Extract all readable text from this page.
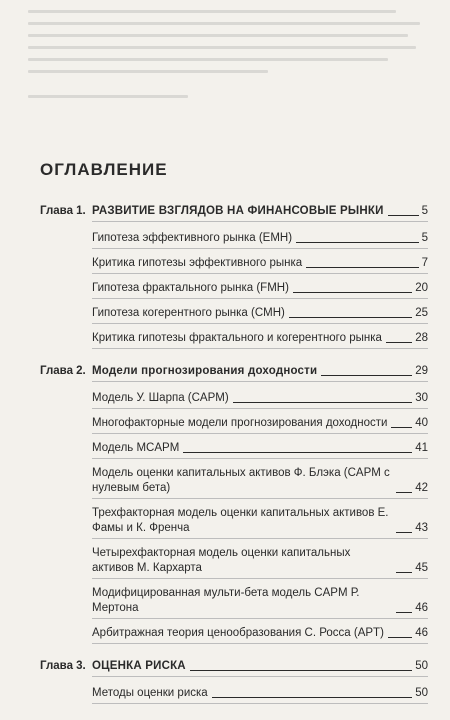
ОГЛАВЛЕНИЕ
Глава 1. РАЗВИТИЕ ВЗГЛЯДОВ НА ФИНАНСОВЫЕ РЫНКИ	5
Гипотеза эффективного рынка (EMH)	5
Критика гипотезы эффективного рынка	7
Гипотеза фрактального рынка (FMH)	20
Гипотеза когерентного рынка (CMH)	25
Критика гипотезы фрактального и когерентного рынка	28
Глава 2. Модели прогнозирования доходности	29
Модель У. Шарпа (CAPM)	30
Многофакторные модели прогнозирования доходности 40
Модель MCAPM	41
Модель оценки капитальных активов Ф. Блэка (CAPM с нулевым бета)	42
Трехфакторная модель оценки капитальных активов Е. Фамы и К. Френча	43
Четырехфакторная модель оценки капитальных активов М. Кархарта	45
Модифицированная мульти-бета модель CAPM Р. Мертона	46
Арбитражная теория ценообразования С. Росса (APT)	46
Глава 3. ОЦЕНКА РИСКА	50
Методы оценки риска	50
